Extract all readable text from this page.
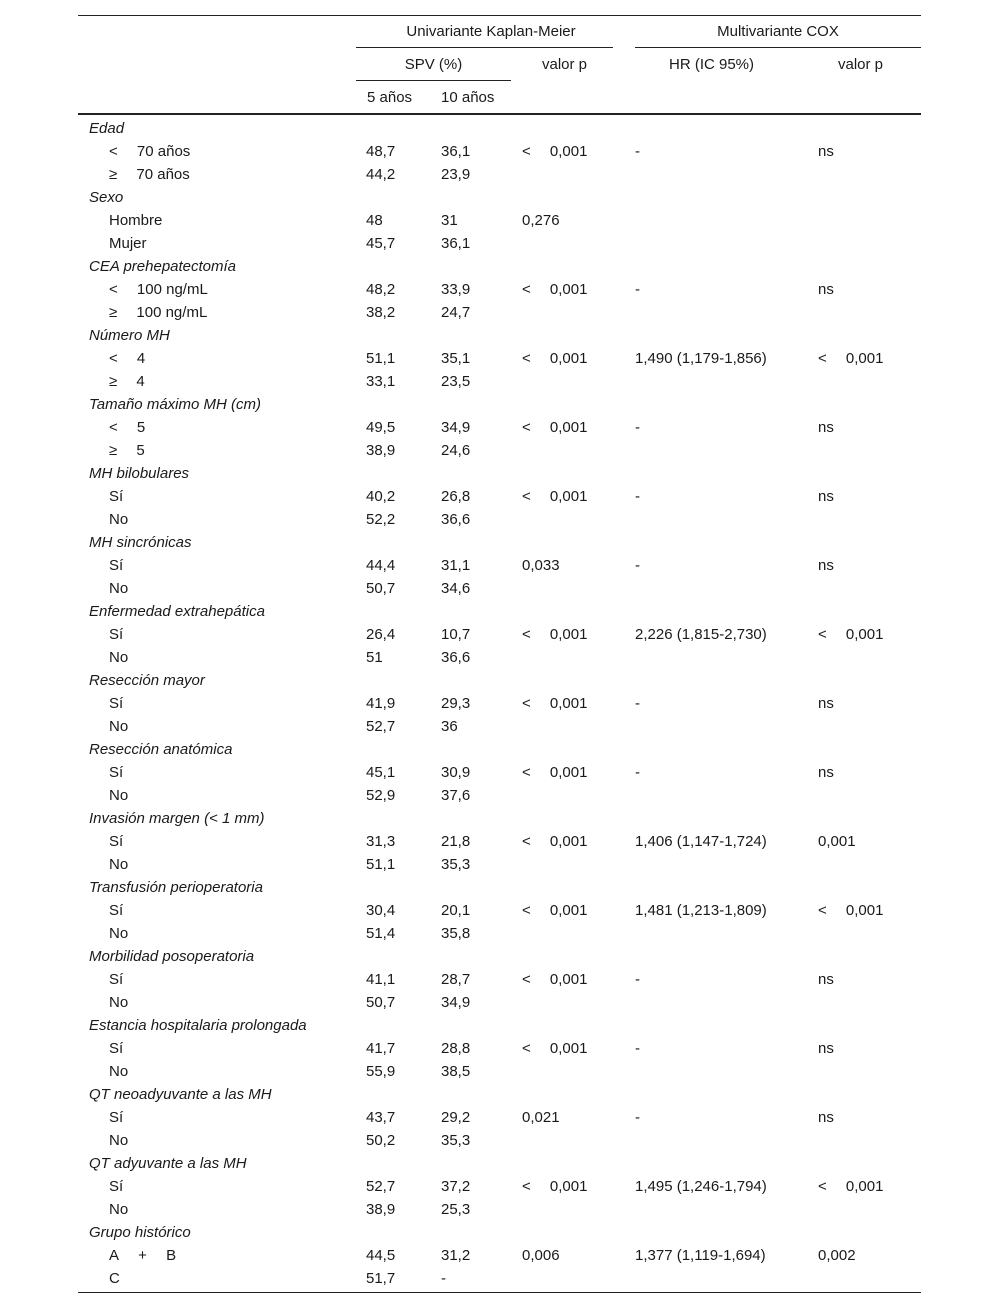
Univariante Kaplan-Meier	Multivariante COX
SPV (%)	valor p	HR (IC 95%)	valor p
5 años 10 años
Edad
<  70 años	48,7	36,1	<  0,001	-	ns
≥  70 años	44,2	23,9
Sexo
Hombre	48	31	0,276
Mujer	45,7	36,1
CEA prehepatectomía
<  100 ng/mL	48,2	33,9	<  0,001	-	ns
≥  100 ng/mL	38,2	24,7
Número MH
<  4	51,1	35,1	<  0,001	1,490 (1,179-1,856)	<  0,001
≥  4	33,1	23,5
Tamaño máximo MH (cm)
<  5	49,5	34,9	<  0,001	-	ns
≥  5	38,9	24,6
MH bilobulares
Sí	40,2	26,8	<  0,001	-	ns
No	52,2	36,6
MH sincrónicas
Sí	44,4	31,1	0,033	-	ns
No	50,7	34,6
Enfermedad extrahepática
Sí	26,4	10,7	<  0,001	2,226 (1,815-2,730)	<  0,001
No	51	36,6
Resección mayor
Sí	41,9	29,3	<  0,001	-	ns
No	52,7	36
Resección anatómica
Sí	45,1	30,9	<  0,001	-	ns
No	52,9	37,6
Invasión margen (< 1 mm)
Sí	31,3	21,8	<  0,001	1,406 (1,147-1,724)	0,001
No	51,1	35,3
Transfusión perioperatoria
Sí	30,4	20,1	<  0,001	1,481 (1,213-1,809)	<  0,001
No	51,4	35,8
Morbilidad posoperatoria
Sí	41,1	28,7	<  0,001	-	ns
No	50,7	34,9
Estancia hospitalaria prolongada
Sí	41,7	28,8	<  0,001	-	ns
No	55,9	38,5
QT neoadyuvante a las MH
Sí	43,7	29,2	0,021	-	ns
No	50,2	35,3
QT adyuvante a las MH
Sí	52,7	37,2	<  0,001	1,495 (1,246-1,794)	<  0,001
No	38,9	25,3
Grupo histórico
A  +  B	44,5	31,2	0,006	1,377 (1,119-1,694)	0,002
C	51,7	-
